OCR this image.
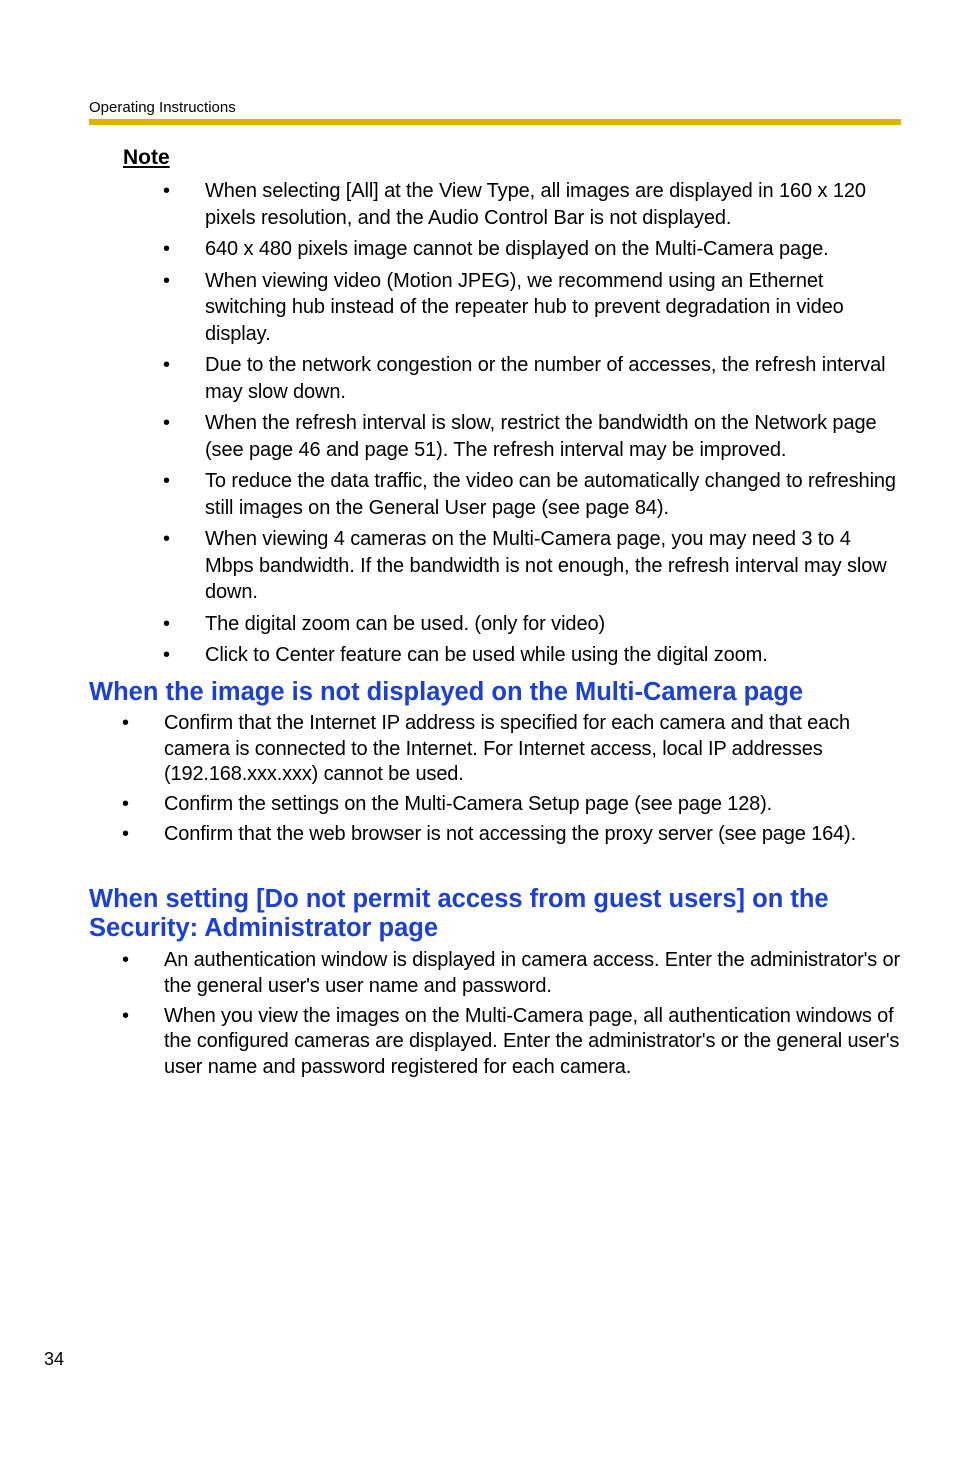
Operating Instructions
Note
• When selecting [All] at the View Type, all images are displayed in 160 x 120 pixels resolution, and the Audio Control Bar is not displayed.
• 640 x 480 pixels image cannot be displayed on the Multi-Camera page.
• When viewing video (Motion JPEG), we recommend using an Ethernet switching hub instead of the repeater hub to prevent degradation in video display.
• Due to the network congestion or the number of accesses, the refresh interval may slow down.
• When the refresh interval is slow, restrict the bandwidth on the Network page (see page 46 and page 51). The refresh interval may be improved.
• To reduce the data traffic, the video can be automatically changed to refreshing still images on the General User page (see page 84).
• When viewing 4 cameras on the Multi-Camera page, you may need 3 to 4 Mbps bandwidth. If the bandwidth is not enough, the refresh interval may slow down.
• The digital zoom can be used. (only for video)
• Click to Center feature can be used while using the digital zoom.
When the image is not displayed on the Multi-Camera page
• Confirm that the Internet IP address is specified for each camera and that each camera is connected to the Internet. For Internet access, local IP addresses (192.168.xxx.xxx) cannot be used.
• Confirm the settings on the Multi-Camera Setup page (see page 128).
• Confirm that the web browser is not accessing the proxy server (see page 164).
When setting [Do not permit access from guest users] on the Security: Administrator page
• An authentication window is displayed in camera access. Enter the administrator's or the general user's user name and password.
• When you view the images on the Multi-Camera page, all authentication windows of the configured cameras are displayed. Enter the administrator's or the general user's user name and password registered for each camera.
34
